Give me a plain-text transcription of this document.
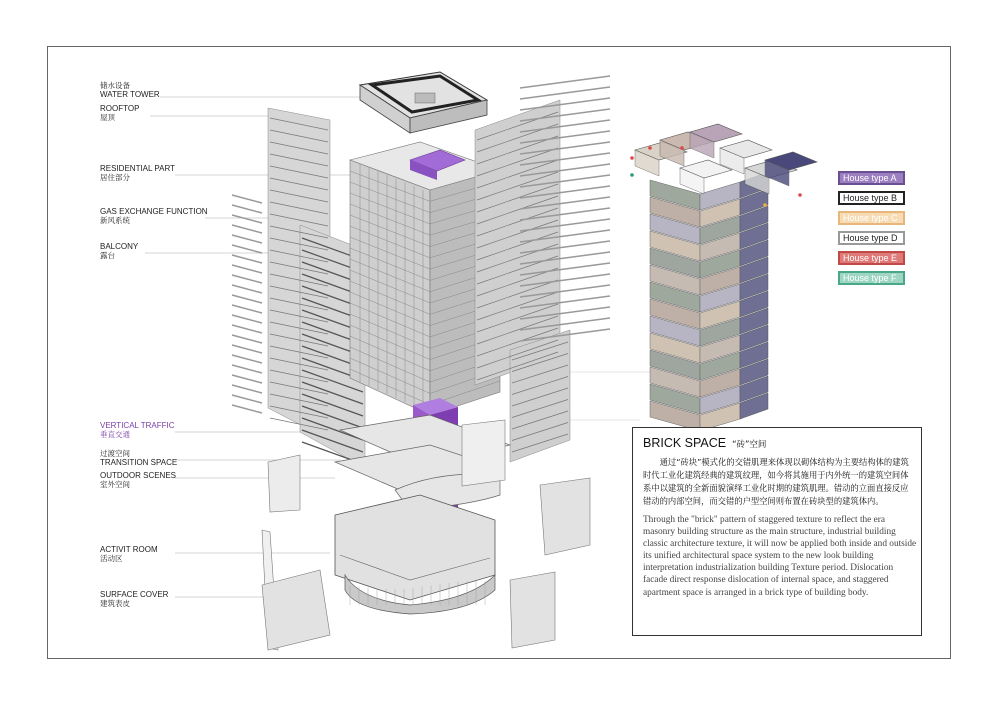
储水设备
WATER TOWER
ROOFTOP
屋顶
RESIDENTIAL PART
居住部分
GAS EXCHANGE FUNCTION
新风系统
BALCONY
露台
VERTICAL TRAFFIC
垂直交通
过渡空间
TRANSITION SPACE
OUTDOOR SCENES
室外空间
ACTIVIT ROOM
活动区
SURFACE COVER
建筑表皮
House type A
House type B
House type C
House type D
House type E
House type F
BRICK SPACE “砖”空间
通过“砖块”模式化的交错肌理来体现以砌体结构为主要结构体的建筑时代工业化建筑经典的建筑纹理，如今将其施用于内外统一的建筑空间体系中以建筑的全新面貌演绎工业化时期的建筑肌理。错动的立面直接反应错动的内部空间，而交错的户型空间则布置在砖块型的建筑体内。
Through the "brick" pattern of staggered texture to reflect the era masonry building structure as the main structure, industrial building classic architecture texture, it will now be applied both inside and outside its unified architectural space system to the new look building interpretation industrialization building Texture period. Dislocation facade direct response dislocation of internal space, and staggered apartment space is arranged in a brick type of building body.
